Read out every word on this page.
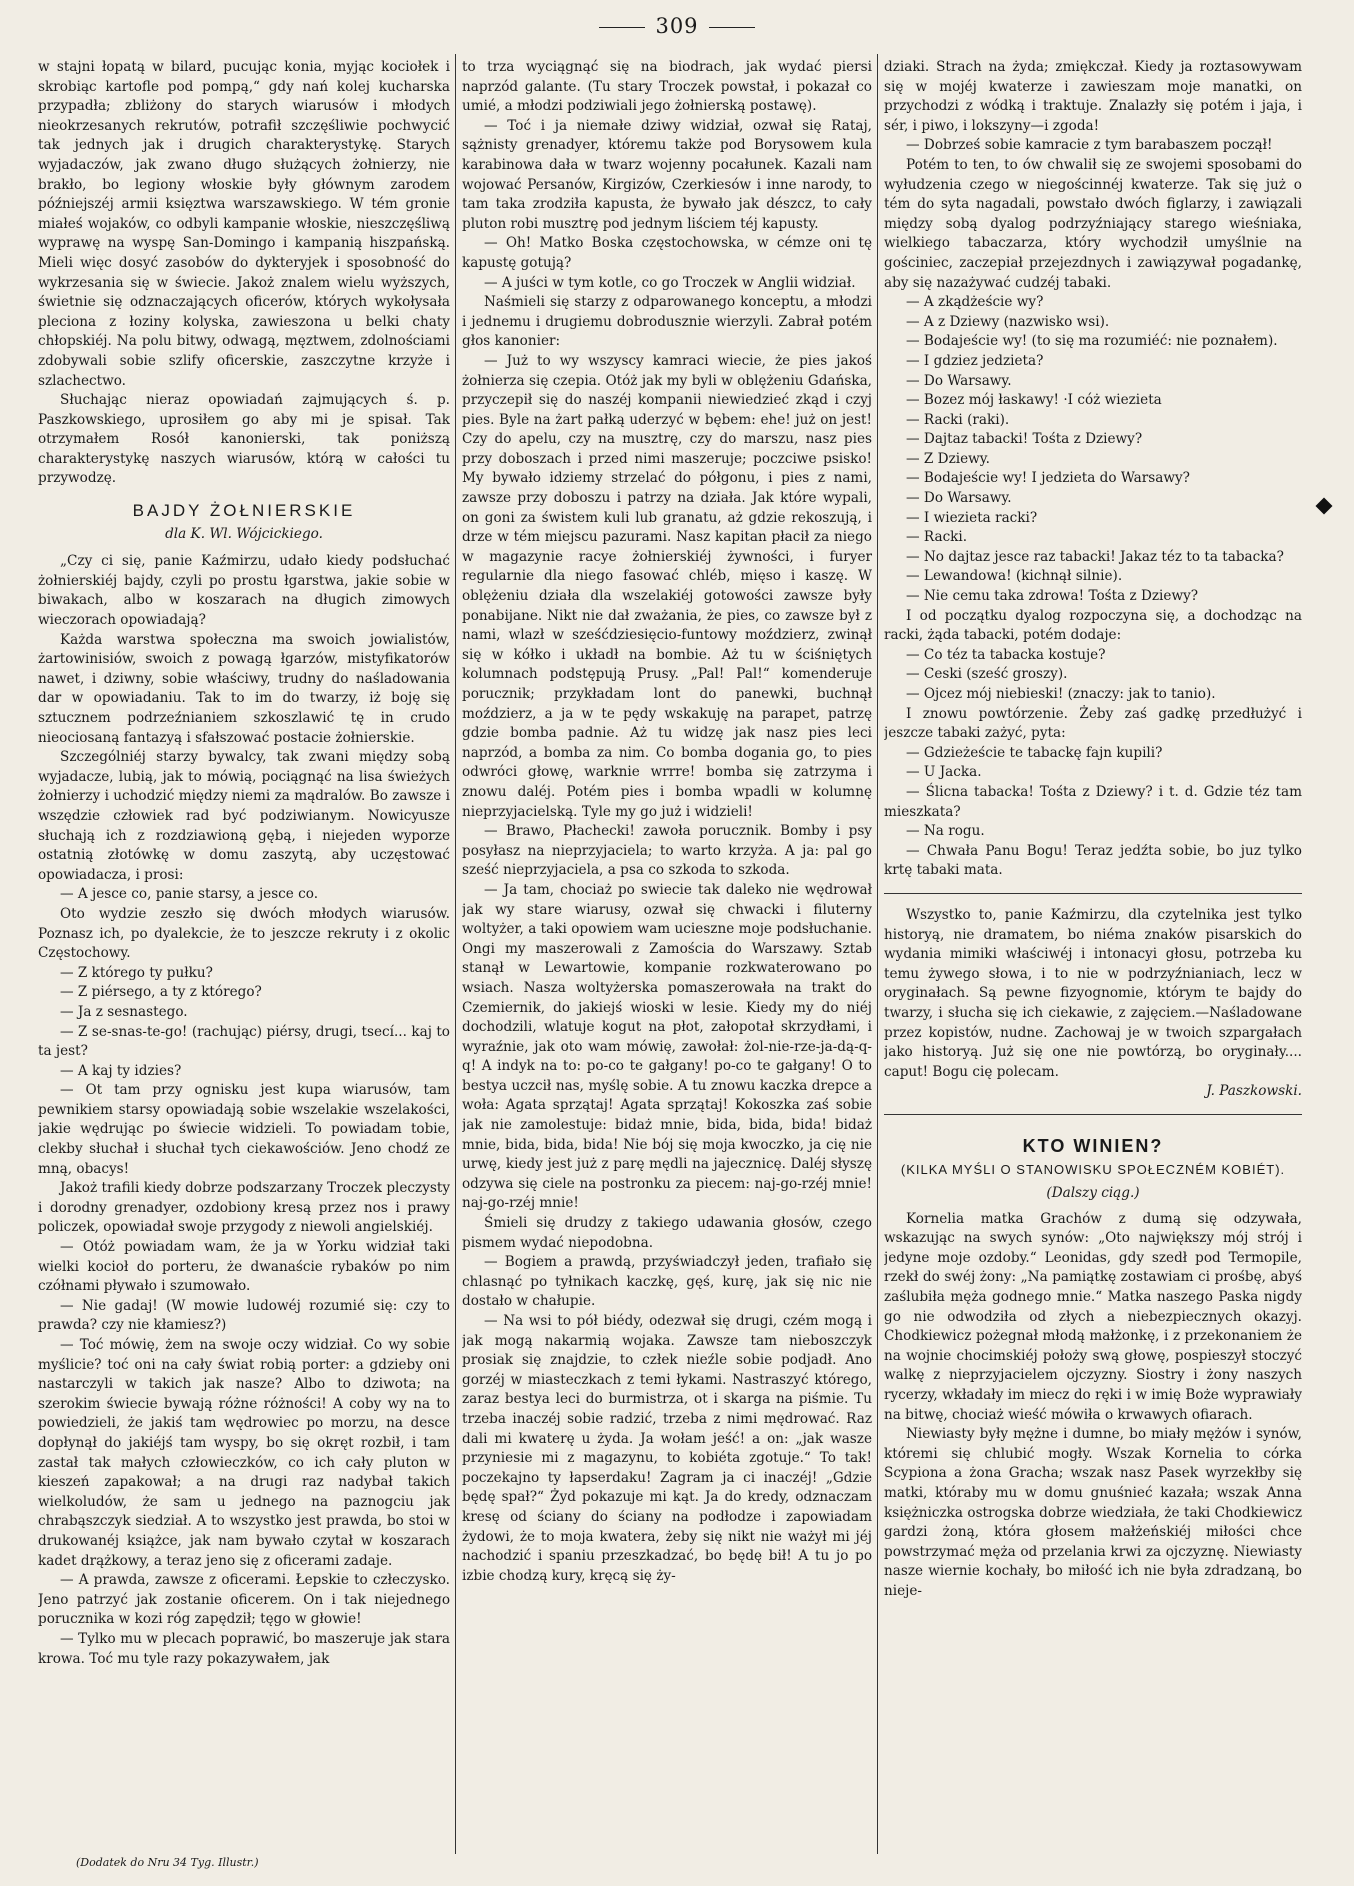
309

w stajni łopatą w bilard, pucując konia, myjąc kociołek i skrobiąc kartofle pod pompą,“ gdy nań kolej kucharska przypadła; zbliżony do starych wiarusów i młodych nieokrzesanych rekrutów, potrafił szczęśliwie pochwycić tak jednych jak i drugich charakterystykę. Starych wyjadaczów, jak zwano długo służących żołnierzy, nie brakło, bo legiony włoskie były głównym zarodem późniejszéj armii księztwa warszawskiego. W tém gronie miałeś wojaków, co odbyli kampanie włoskie, nieszczęśliwą wyprawę na wyspę San-Domingo i kampanią hiszpańską. Mieli więc dosyć zasobów do dykteryjek i sposobność do wykrzesania się w świecie. Jakoż znalem wielu wyższych, świetnie się odznaczających oficerów, których wykołysała pleciona z łoziny kolyska, zawieszona u belki chaty chłopskiéj. Na polu bitwy, odwagą, męztwem, zdolnościami zdobywali sobie szlify oficerskie, zaszczytne krzyże i szlachectwo.

Słuchając nieraz opowiadań zajmujących ś. p. Paszkowskiego, uprosiłem go aby mi je spisał. Tak otrzymałem Rosół kanonierski, tak poniższą charakterystykę naszych wiarusów, którą w całości tu przywodzę.

BAJDY ŻOŁNIERSKIE
dla K. Wl. Wójcickiego.

„Czy ci się, panie Kaźmirzu, udało kiedy podsłuchać żołnierskiéj bajdy, czyli po prostu łgarstwa, jakie sobie w biwakach, albo w koszarach na długich zimowych wieczorach opowiadają?

Każda warstwa społeczna ma swoich jowialistów, żartowinisiów, swoich z powagą łgarzów, mistyfikatorów nawet, i dziwny, sobie właściwy, trudny do naśladowania dar w opowiadaniu. Tak to im do twarzy, iż boję się sztucznem podrzeźnianiem szkoszlawić tę in crudo nieociosaną fantazyą i sfałszować postacie żołnierskie.

Szczególniéj starzy bywalcy, tak zwani między sobą wyjadacze, lubią, jak to mówią, pociągnąć na lisa świeżych żołnierzy i uchodzić między niemi za mądralów. Bo zawsze i wszędzie człowiek rad być podziwianym. Nowicyusze słuchają ich z rozdziawioną gębą, i niejeden wyporze ostatnią złotówkę w domu zaszytą, aby uczęstować opowiadacza, i prosi:

— A jesce co, panie starsy, a jesce co.

Oto wydzie zeszło się dwóch młodych wiarusów. Poznasz ich, po dyalekcie, że to jeszcze rekruty i z okolic Częstochowy.

— Z którego ty pułku?

— Z piérsego, a ty z którego?

— Ja z sesnastego.

— Z se-snas-te-go! (rachując) piérsy, drugi, tsecí... kaj to ta jest?

— A kaj ty idzies?

— Ot tam przy ognisku jest kupa wiarusów, tam pewnikiem starsy opowiadają sobie wszelakie wszelakości, jakie wędrując po świecie widzieli. To powiadam tobie, clekby słuchał i słuchał tych ciekawościów. Jeno chodź ze mną, obacys!

Jakoż trafili kiedy dobrze podszarzany Troczek pleczysty i dorodny grenadyer, ozdobiony kresą przez nos i prawy policzek, opowiadał swoje przygody z niewoli angielskiéj.

— Otóż powiadam wam, że ja w Yorku widział taki wielki kocioł do porteru, że dwanaście rybaków po nim czółnami pływało i szumowało.

— Nie gadaj! (W mowie ludowéj rozumié się: czy to prawda? czy nie kłamiesz?)

— Toć mówię, żem na swoje oczy widział. Co wy sobie myślicie? toć oni na cały świat robią porter: a gdzieby oni nastarczyli w takich jak nasze? Albo to dziwota; na szerokim świecie bywają różne różności! A coby wy na to powiedzieli, że jakiś tam wędrowiec po morzu, na desce dopłynął do jakiéjś tam wyspy, bo się okręt rozbił, i tam zastał tak małych człowieczków, co ich cały pluton w kieszeń zapakował; a na drugi raz nadybał takich wielkoludów, że sam u jednego na paznogciu jak chrabąszczyk siedział. A to wszystko jest prawda, bo stoi w drukowanéj książce, jak nam bywało czytał w koszarach kadet drążkowy, a teraz jeno się z oficerami zadaje.

— A prawda, zawsze z oficerami. Łepskie to człeczysko. Jeno patrzyć jak zostanie oficerem. On i tak niejednego porucznika w kozi róg zapędził; tęgo w głowie!

— Tylko mu w plecach poprawić, bo maszeruje jak stara krowa. Toć mu tyle razy pokazywałem, jak

to trza wyciągnąć się na biodrach, jak wydać piersi naprzód galante. (Tu stary Troczek powstał, i pokazał co umié, a młodzi podziwiali jego żołnierską postawę).

— Toć i ja niemałe dziwy widział, ozwał się Rataj, sążnisty grenadyer, któremu także pod Borysowem kula karabinowa dała w twarz wojenny pocałunek. Kazali nam wojować Persanów, Kirgizów, Czerkiesów i inne narody, to tam taka zrodziła kapusta, że bywało jak dészcz, to cały pluton robi musztrę pod jednym liściem téj kapusty.

— Oh! Matko Boska częstochowska, w cémze oni tę kapustę gotują?

— A juści w tym kotle, co go Troczek w Anglii widział.

Naśmieli się starzy z odparowanego konceptu, a młodzi i jednemu i drugiemu dobrodusznie wierzyli. Zabrał potém głos kanonier:

— Już to wy wszyscy kamraci wiecie, że pies jakoś żołnierza się czepia. Otóż jak my byli w oblężeniu Gdańska, przyczepił się do naszéj kompanii niewiedzieć zkąd i czyj pies. Byle na żart pałką uderzyć w bębem: ehe! już on jest! Czy do apelu, czy na musztrę, czy do marszu, nasz pies przy doboszach i przed nimi maszeruje; poczciwe psisko! My bywało idziemy strzelać do półgonu, i pies z nami, zawsze przy doboszu i patrzy na działa. Jak które wypali, on goni za świstem kuli lub granatu, aż gdzie rekoszują, i drze w tém miejscu pazurami. Nasz kapitan płacił za niego w magazynie racye żołnierskiéj żywności, i furyer regularnie dla niego fasować chléb, mięso i kaszę. W oblężeniu działa dla wszelakiéj gotowości zawsze były ponabijane. Nikt nie dał zważania, że pies, co zawsze był z nami, wlazł w sześćdziesięcio-funtowy moździerz, zwinął się w kółko i układł na bombie. Aż tu w ściśniętych kolumnach podstępują Prusy. „Pal! Pal!“ komenderuje porucznik; przykładam lont do panewki, buchnął moździerz, a ja w te pędy wskakuję na parapet, patrzę gdzie bomba padnie. Aż tu widzę jak nasz pies leci naprzód, a bomba za nim. Co bomba dogania go, to pies odwróci głowę, warknie wrrre! bomba się zatrzyma i znowu daléj. Potém pies i bomba wpadli w kolumnę nieprzyjacielską. Tyle my go już i widzieli!

— Brawo, Płachecki! zawoła porucznik. Bomby i psy posyłasz na nieprzyjaciela; to warto krzyża. A ja: pal go sześć nieprzyjaciela, a psa co szkoda to szkoda.

— Ja tam, chociaż po swiecie tak daleko nie wędrował jak wy stare wiarusy, ozwał się chwacki i filuterny woltyżer, a taki opowiem wam ucieszne moje podsłuchanie. Ongi my maszerowali z Zamościa do Warszawy. Sztab stanął w Lewartowie, kompanie rozkwaterowano po wsiach. Nasza woltyżerska pomaszerowała na trakt do Czemiernik, do jakiejś wioski w lesie. Kiedy my do niéj dochodzili, wlatuje kogut na płot, załopotał skrzydłami, i wyraźnie, jak oto wam mówię, zawołał: żol-nie-rze-ja-dą-q-q! A indyk na to: po-co te gałgany! po-co te gałgany! O to bestya uczcił nas, myślę sobie. A tu znowu kaczka drepce a woła: Agata sprzątaj! Agata sprzątaj! Kokoszka zaś sobie jak nie zamolestuje: bidaż mnie, bida, bida, bida! bidaż mnie, bida, bida, bida! Nie bój się moja kwoczko, ja cię nie urwę, kiedy jest już z parę mędli na jajecznicę. Daléj słyszę odzywa się ciele na postronku za piecem: naj-go-rzéj mnie! naj-go-rzéj mnie!

Śmieli się drudzy z takiego udawania głosów, czego pismem wydać niepodobna.

— Bogiem a prawdą, przyświadczył jeden, trafiało się chlasnąć po tyłnikach kaczkę, gęś, kurę, jak się nic nie dostało w chałupie.

— Na wsi to pół biédy, odezwał się drugi, czém mogą i jak mogą nakarmią wojaka. Zawsze tam nieboszczyk prosiak się znajdzie, to człek nieźle sobie podjadł. Ano gorzéj w miasteczkach z temi łykami. Nastraszyć którego, zaraz bestya leci do burmistrza, ot i skarga na piśmie. Tu trzeba inaczéj sobie radzić, trzeba z nimi mędrować. Raz dali mi kwaterę u żyda. Ja wołam jeść! a on: „jak wasze przyniesie mi z magazynu, to kobiéta zgotuje.“ To tak! poczekajno ty łapserdaku! Zagram ja ci inaczéj! „Gdzie będę spał?“ Żyd pokazuje mi kąt. Ja do kredy, odznaczam kresę od ściany do ściany na podłodze i zapowiadam żydowi, że to moja kwatera, żeby się nikt nie ważył mi jéj nachodzić i spaniu przeszkadzać, bo będę bił! A tu jo po izbie chodzą kury, kręcą się ży-

dziaki. Strach na żyda; zmiękczał. Kiedy ja roztasowywam się w mojéj kwaterze i zawieszam moje manatki, on przychodzi z wódką i traktuje. Znalazły się potém i jaja, i sér, i piwo, i lokszyny—i zgoda!

— Dobrześ sobie kamracie z tym barabaszem począł!

Potém to ten, to ów chwalił się ze swojemi sposobami do wyłudzenia czego w niegościnnéj kwaterze. Tak się już o tém do syta nagadali, powstało dwóch figlarzy, i zawiązali między sobą dyalog podrzyźniający starego wieśniaka, wielkiego tabaczarza, który wychodził umyślnie na gościniec, zaczepiał przejezdnych i zawiązywał pogadankę, aby się nazażywać cudzéj tabaki.

— A zkądżeście wy?

— A z Dziewy (nazwisko wsi).

— Bodajeście wy! (to się ma rozumiéć: nie poznałem).

— I gdziez jedzieta?

— Do Warsawy.

— Bozez mój łaskawy! ·I cóż wiezieta

— Racki (raki).

— Dajtaz tabacki! Tośta z Dziewy?

— Z Dziewy.

— Bodajeście wy! I jedzieta do Warsawy?

— Do Warsawy.

— I wiezieta racki?

— Racki.

— No dajtaz jesce raz tabacki! Jakaz téz to ta tabacka?

— Lewandowa! (kichnął silnie).

— Nie cemu taka zdrowa! Tośta z Dziewy?

I od początku dyalog rozpoczyna się, a dochodząc na racki, żąda tabacki, potém dodaje:

— Co téz ta tabacka kostuje?

— Ceski (sześć groszy).

— Ojcez mój niebieski! (znaczy: jak to tanio).

I znowu powtórzenie. Żeby zaś gadkę przedłużyć i jeszcze tabaki zażyć, pyta:

— Gdzieżeście te tabackę fajn kupili?

— U Jacka.

— Ślicna tabacka! Tośta z Dziewy? i t. d. Gdzie téz tam mieszkata?

— Na rogu.

— Chwała Panu Bogu! Teraz jedźta sobie, bo juz tylko krtę tabaki mata.

Wszystko to, panie Kaźmirzu, dla czytelnika jest tylko historyą, nie dramatem, bo niéma znaków pisarskich do wydania mimiki właściwéj i intonacyi głosu, potrzeba ku temu żywego słowa, i to nie w podrzyźnianiach, lecz w oryginałach. Są pewne fizyognomie, którym te bajdy do twarzy, i słucha się ich ciekawie, z zajęciem.—Naśladowane przez kopistów, nudne. Zachowaj je w twoich szpargałach jako historyą. Już się one nie powtórzą, bo oryginały.... caput! Bogu cię polecam.

J. Paszkowski.
KTO WINIEN?
(KILKA MYŚLI O STANOWISKU SPOŁECZNÉM KOBIÉT).
(Dalszy ciąg.)

Kornelia matka Grachów z dumą się odzywała, wskazując na swych synów: „Oto największy mój strój i jedyne moje ozdoby.“ Leonidas, gdy szedł pod Termopile, rzekł do swéj żony: „Na pamiątkę zostawiam ci prośbę, abyś zaślubiła męża godnego mnie.“ Matka naszego Paska nigdy go nie odwodziła od złych a niebezpiecznych okazyj. Chodkiewicz pożegnał młodą małżonkę, i z przekonaniem że na wojnie chocimskiéj położy swą głowę, pospieszył stoczyć walkę z nieprzyjacielem ojczyzny. Siostry i żony naszych rycerzy, wkładały im miecz do ręki i w imię Boże wyprawiały na bitwę, chociaż wieść mówiła o krwawych ofiarach.

Niewiasty były mężne i dumne, bo miały mężów i synów, któremi się chlubić mogły. Wszak Kornelia to córka Scypiona a żona Gracha; wszak nasz Pasek wyrzekłby się matki, któraby mu w domu gnuśnieć kazała; wszak Anna księżniczka ostrogska dobrze wiedziała, że taki Chodkiewicz gardzi żoną, która głosem małżeńskiéj miłości chce powstrzymać męża od przelania krwi za ojczyznę. Niewiasty nasze wiernie kochały, bo miłość ich nie była zdradzaną, bo nieje-

(Dodatek do Nru 34 Tyg. Illustr.)
